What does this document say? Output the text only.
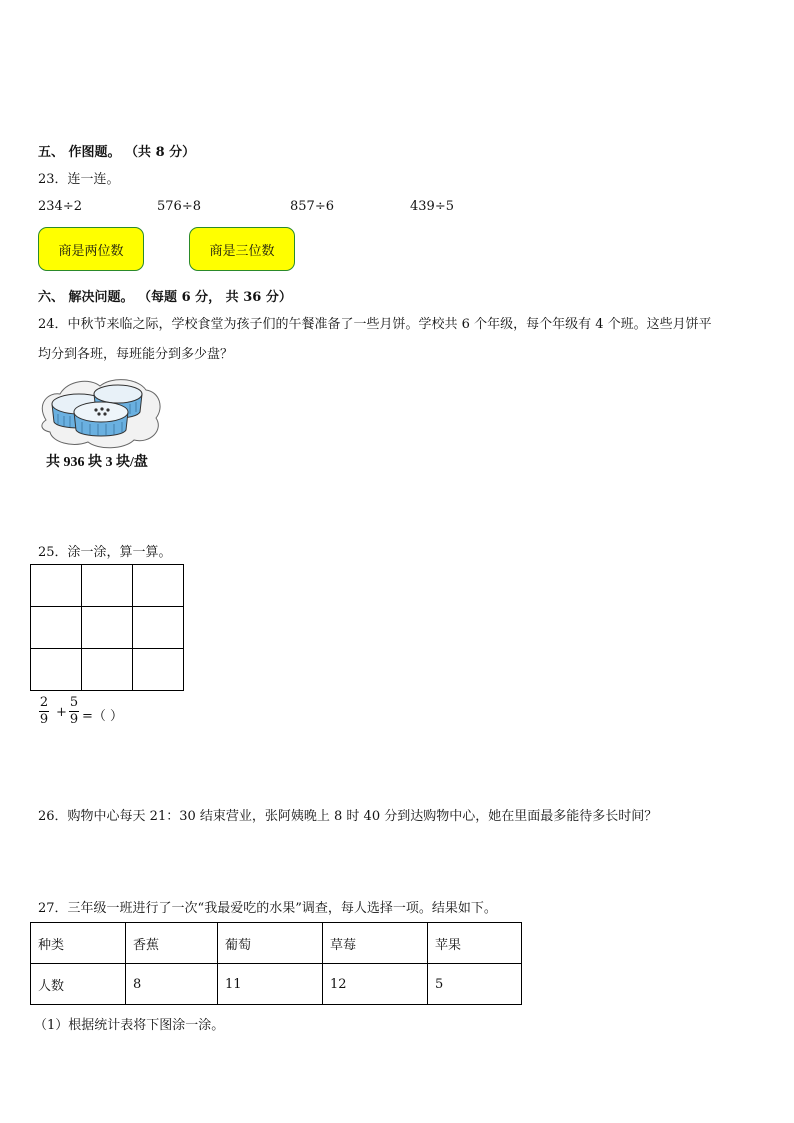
五、 作图题。 （共 8 分）
23．连一连。
234÷2	576÷8	857÷6	439÷5
商是两位数	商是三位数
六、 解决问题。 （每题 6 分， 共 36 分）
24．中秋节来临之际，学校食堂为孩子们的午餐准备了一些月饼。学校共 6 个年级，每个年级有 4 个班。这些月饼平
均分到各班，每班能分到多少盘？
共 936 块 3 块/盘
25．涂一涂，算一算。

2
9 +
5
9 =（ ）
26．购物中心每天 21：30 结束营业，张阿姨晚上 8 时 40 分到达购物中心，她在里面最多能待多长时间？
27．三年级一班进行了一次“我最爱吃的水果”调查，每人选择一项。结果如下。
种类	香蕉	葡萄	草莓	苹果
人数	8	11	12	5
（1）根据统计表将下图涂一涂。
